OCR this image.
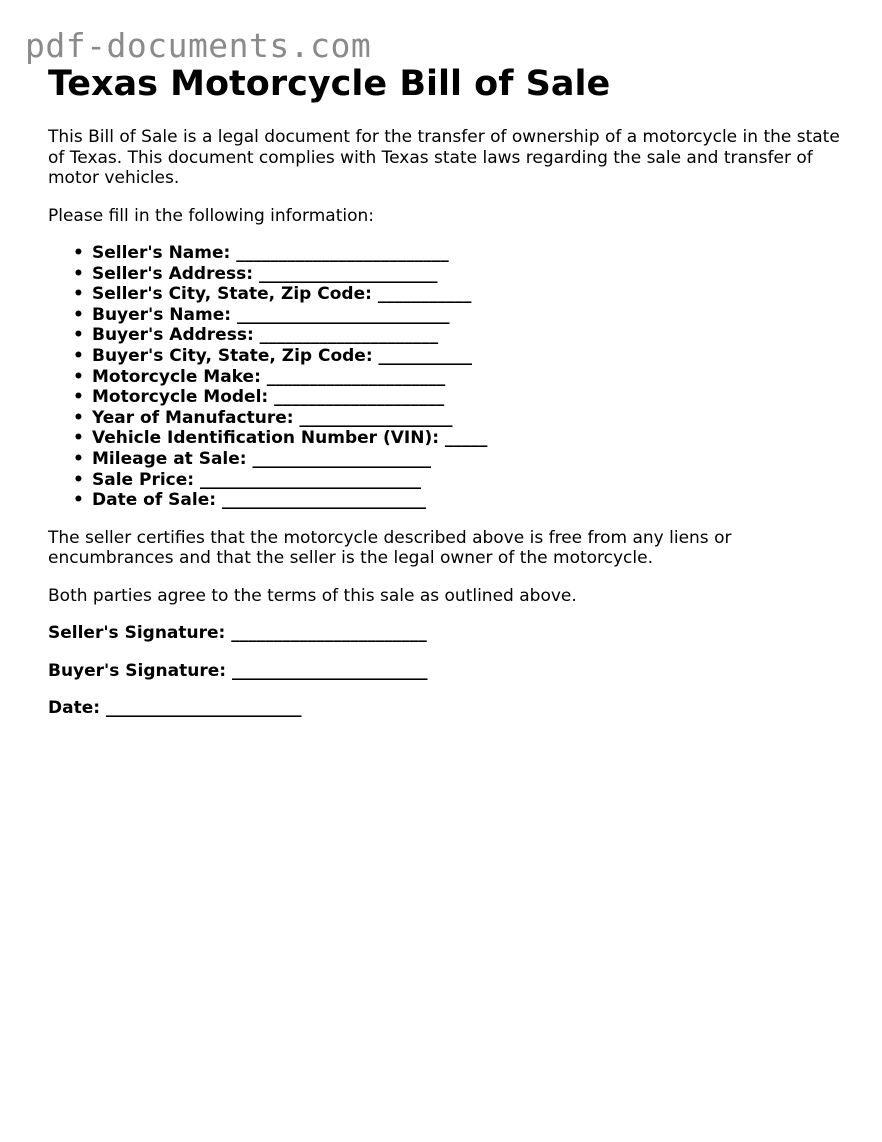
pdf-documents.com
Texas Motorcycle Bill of Sale

This Bill of Sale is a legal document for the transfer of ownership of a motorcycle in the state of Texas. This document complies with Texas state laws regarding the sale and transfer of motor vehicles.

Please fill in the following information:

• Seller's Name: _________________________
• Seller's Address: _____________________
• Seller's City, State, Zip Code: ___________
• Buyer's Name: _________________________
• Buyer's Address: _____________________
• Buyer's City, State, Zip Code: ___________
• Motorcycle Make: _____________________
• Motorcycle Model: ____________________
• Year of Manufacture: __________________
• Vehicle Identification Number (VIN): _____
• Mileage at Sale: _____________________
• Sale Price: __________________________
• Date of Sale: ________________________

The seller certifies that the motorcycle described above is free from any liens or encumbrances and that the seller is the legal owner of the motorcycle.

Both parties agree to the terms of this sale as outlined above.

Seller's Signature: _______________________

Buyer's Signature: _______________________

Date: _______________________
